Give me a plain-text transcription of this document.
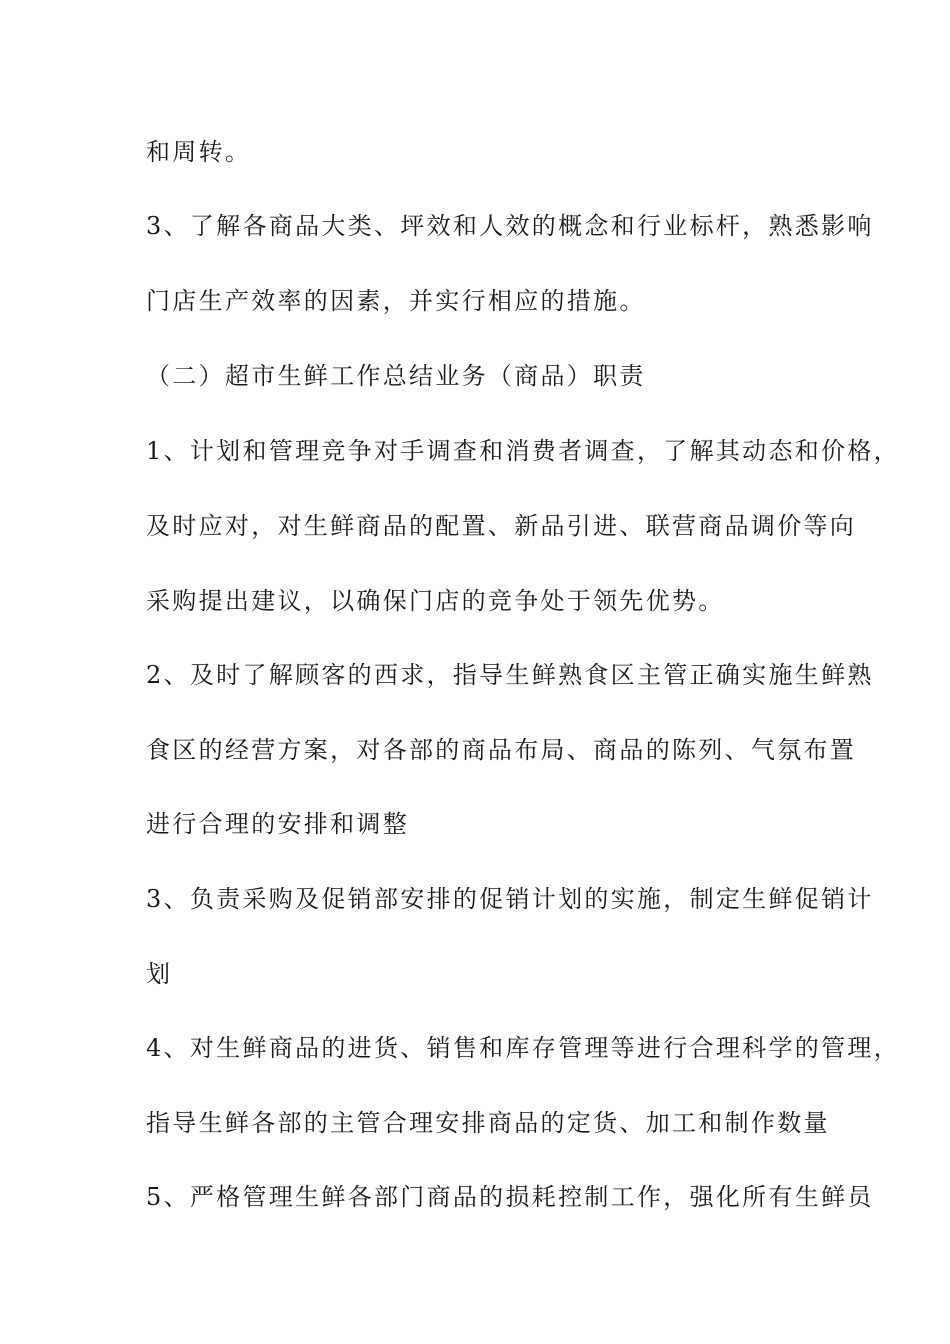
和周转。
3、了解各商品大类、坪效和人效的概念和行业标杆，熟悉影响
门店生产效率的因素，并实行相应的措施。
（二）超市生鲜工作总结业务（商品）职责
1、计划和管理竞争对手调查和消费者调查，了解其动态和价格，
及时应对，对生鲜商品的配置、新品引进、联营商品调价等向
采购提出建议，以确保门店的竞争处于领先优势。
2、及时了解顾客的西求，指导生鲜熟食区主管正确实施生鲜熟
食区的经营方案，对各部的商品布局、商品的陈列、气氛布置
进行合理的安排和调整
3、负责采购及促销部安排的促销计划的实施，制定生鲜促销计
划
4、对生鲜商品的进货、销售和库存管理等进行合理科学的管理，
指导生鲜各部的主管合理安排商品的定货、加工和制作数量
5、严格管理生鲜各部门商品的损耗控制工作，强化所有生鲜员
